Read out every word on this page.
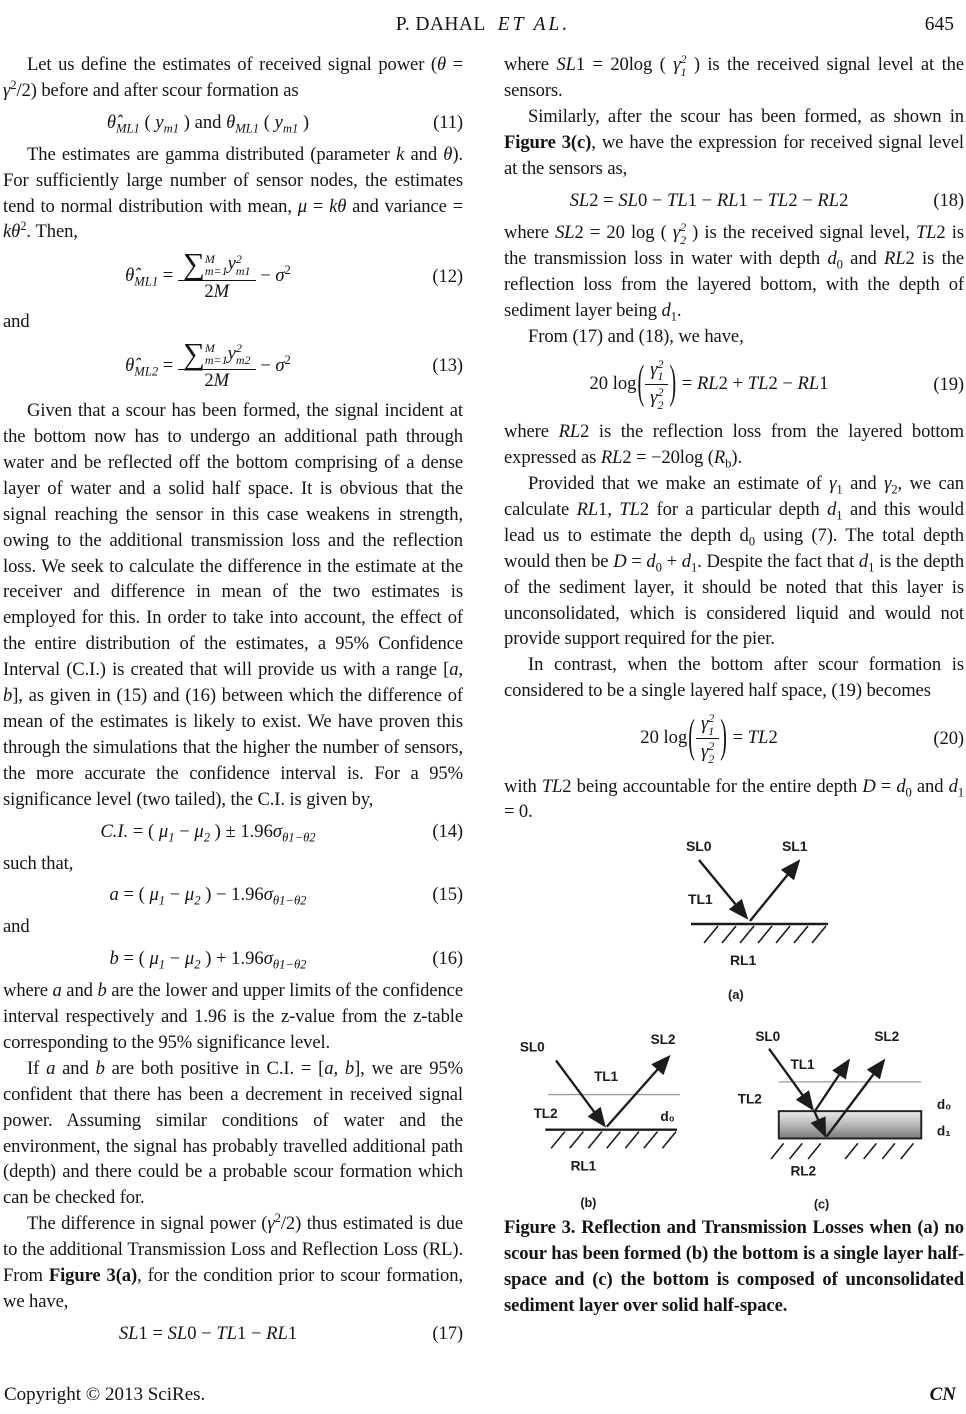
P. DAHAL ET AL.	645

Let us define the estimates of received signal power $(\theta = \gamma^2/2)$ before and after scour formation as

$\thetâ_{ML1}$ ( $y_{m1}$ ) and $\theta_{ML1}$ ( $y_{m1}$ )	(11)

The estimates are gamma distributed (parameter k and θ). For sufficiently large number of sensor nodes, the estimates tend to normal distribution with mean, μ = kθ and variance = $k\theta^2$. Then,

$\thetâ_{ML1}$ = ∑ M
m=1 y 2
m1
$2M - \sigma^2$	(12)

and

$\thetâ_{ML2}$ = ∑ M
m=1 y 2
m2
$2M - \sigma^2$	(13)

Given that a scour has been formed, the signal incident at the bottom now has to undergo an additional path through water and be reflected off the bottom comprising of a dense layer of water and a solid half space. It is obvious that the signal reaching the sensor in this case weakens in strength, owing to the additional transmission loss and the reflection loss. We seek to calculate the difference in the estimate at the receiver and difference in mean of the two estimates is employed for this. In order to take into account, the effect of the entire distribution of the estimates, a 95% Confidence Interval (C.I.) is created that will provide us with a range [a, b], as given in (15) and (16) between which the difference of mean of the estimates is likely to exist. We have proven this through the simulations that the higher the number of sensors, the more accurate the confidence interval is. For a 95% significance level (two tailed), the C.I. is given by,

C.I. = ( $\mu_1 - \mu_2$ ) ± $1.96\sigma_{\theta 1-\theta 2}$	(14)

such that,

a = ( $\mu_1 - \mu_2$ ) − $1.96\sigma_{\theta 1-\theta 2}$	(15)

and

b = ( $\mu_1 - \mu_2$ ) + $1.96\sigma_{\theta 1-\theta 2}$	(16)

where a and b are the lower and upper limits of the confidence interval respectively and 1.96 is the z-value from the z-table corresponding to the 95% significance level.

If a and b are both positive in C.I. = [a, b], we are 95% confident that there has been a decrement in received signal power. Assuming similar conditions of water and the environment, the signal has probably travelled additional path (depth) and there could be a probable scour formation which can be checked for.

The difference in signal power $(\gamma^2/2)$ thus estimated is due to the additional Transmission Loss and Reflection Loss (RL). From Figure 3(a), for the condition prior to scour formation, we have,

SL1 = SL0 − TL1 − RL1	(17)

where SL1 = 20log ( γ 2
1 ) is the received signal level at the sensors.

Similarly, after the scour has been formed, as shown in Figure 3(c), we have the expression for received signal level at the sensors as,

SL2 = SL0 − TL1 − RL1 − TL2 − RL2	(18)

where SL2 = 20 log ( γ 2
2 ) is the received signal level, TL2 is the transmission loss in water with depth $d_0$ and RL2 is the reflection loss from the layered bottom, with the depth of sediment layer being $d_1$.

From (17) and (18), we have,

20 log( γ 2
1
γ 2
2 ) = RL2 + TL2 − RL1	(19)

where RL2 is the reflection loss from the layered bottom expressed as RL2 = −20log $(R_b)$.

Provided that we make an estimate of $\gamma_1$ and $\gamma_2$, we can calculate RL1, TL2 for a particular depth $d_1$ and this would lead us to estimate the depth $d_0$ using (7). The total depth would then be $D = d_0 + d_1$. Despite the fact that $d_1$ is the depth of the sediment layer, it should be noted that this layer is unconsolidated, which is considered liquid and would not provide support required for the pier.

In contrast, when the bottom after scour formation is considered to be a single layered half space, (19) becomes

20 log( γ 2
1
γ 2
2 ) = TL2	(20)

with TL2 being accountable for the entire depth $D = d_0$ and $d_1 = 0$.

SL0	SL1
TL1
RL1
(a)
SL0
SL2
TL1
TL2	d₀
RL1
(b)
SL0	SL2
TL1
TL2	d₀
d₁
RL2
(c)

Figure 3. Reflection and Transmission Losses when (a) no scour has been formed (b) the bottom is a single layer half-space and (c) the bottom is composed of unconsolidated sediment layer over solid half-space.

Copyright © 2013 SciRes.	CN
